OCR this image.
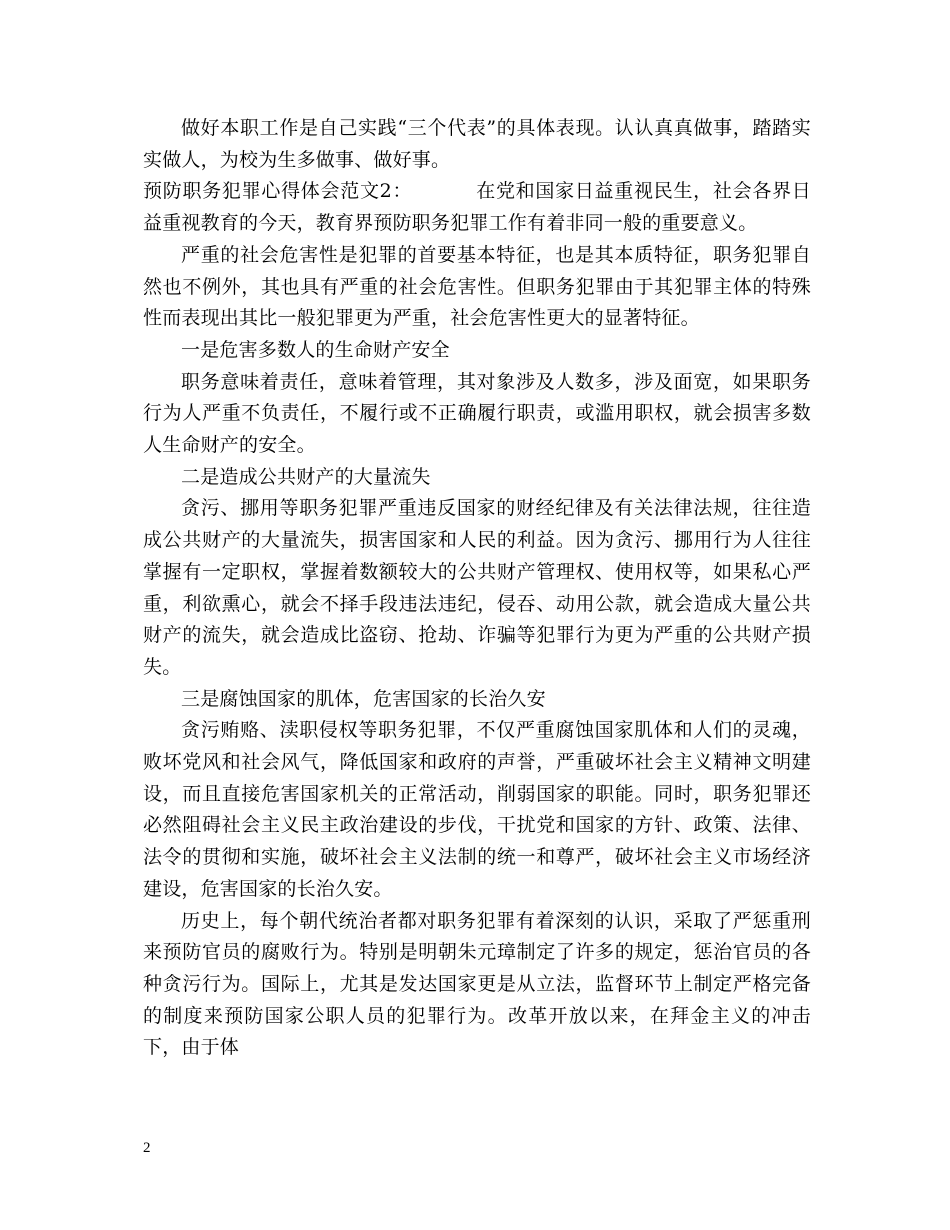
做好本职工作是自己实践“三个代表”的具体表现。认认真真做事，踏踏实实做人，为校为生多做事、做好事。

预防职务犯罪心得体会范文2：	在党和国家日益重视民生，社会各界日益重视教育的今天，教育界预防职务犯罪工作有着非同一般的重要意义。

严重的社会危害性是犯罪的首要基本特征，也是其本质特征，职务犯罪自然也不例外，其也具有严重的社会危害性。但职务犯罪由于其犯罪主体的特殊性而表现出其比一般犯罪更为严重，社会危害性更大的显著特征。

一是危害多数人的生命财产安全

职务意味着责任，意味着管理，其对象涉及人数多，涉及面宽，如果职务行为人严重不负责任，不履行或不正确履行职责，或滥用职权，就会损害多数人生命财产的安全。

二是造成公共财产的大量流失

贪污、挪用等职务犯罪严重违反国家的财经纪律及有关法律法规，往往造成公共财产的大量流失，损害国家和人民的利益。因为贪污、挪用行为人往往掌握有一定职权，掌握着数额较大的公共财产管理权、使用权等，如果私心严重，利欲熏心，就会不择手段违法违纪，侵吞、动用公款，就会造成大量公共财产的流失，就会造成比盗窃、抢劫、诈骗等犯罪行为更为严重的公共财产损失。

三是腐蚀国家的肌体，危害国家的长治久安

贪污贿赂、渎职侵权等职务犯罪，不仅严重腐蚀国家肌体和人们的灵魂，败坏党风和社会风气，降低国家和政府的声誉，严重破坏社会主义精神文明建设，而且直接危害国家机关的正常活动，削弱国家的职能。同时，职务犯罪还必然阻碍社会主义民主政治建设的步伐，干扰党和国家的方针、政策、法律、法令的贯彻和实施，破坏社会主义法制的统一和尊严，破坏社会主义市场经济建设，危害国家的长治久安。

历史上，每个朝代统治者都对职务犯罪有着深刻的认识，采取了严惩重刑来预防官员的腐败行为。特别是明朝朱元璋制定了许多的规定，惩治官员的各种贪污行为。国际上，尤其是发达国家更是从立法，监督环节上制定严格完备的制度来预防国家公职人员的犯罪行为。改革开放以来，在拜金主义的冲击下，由于体

2
